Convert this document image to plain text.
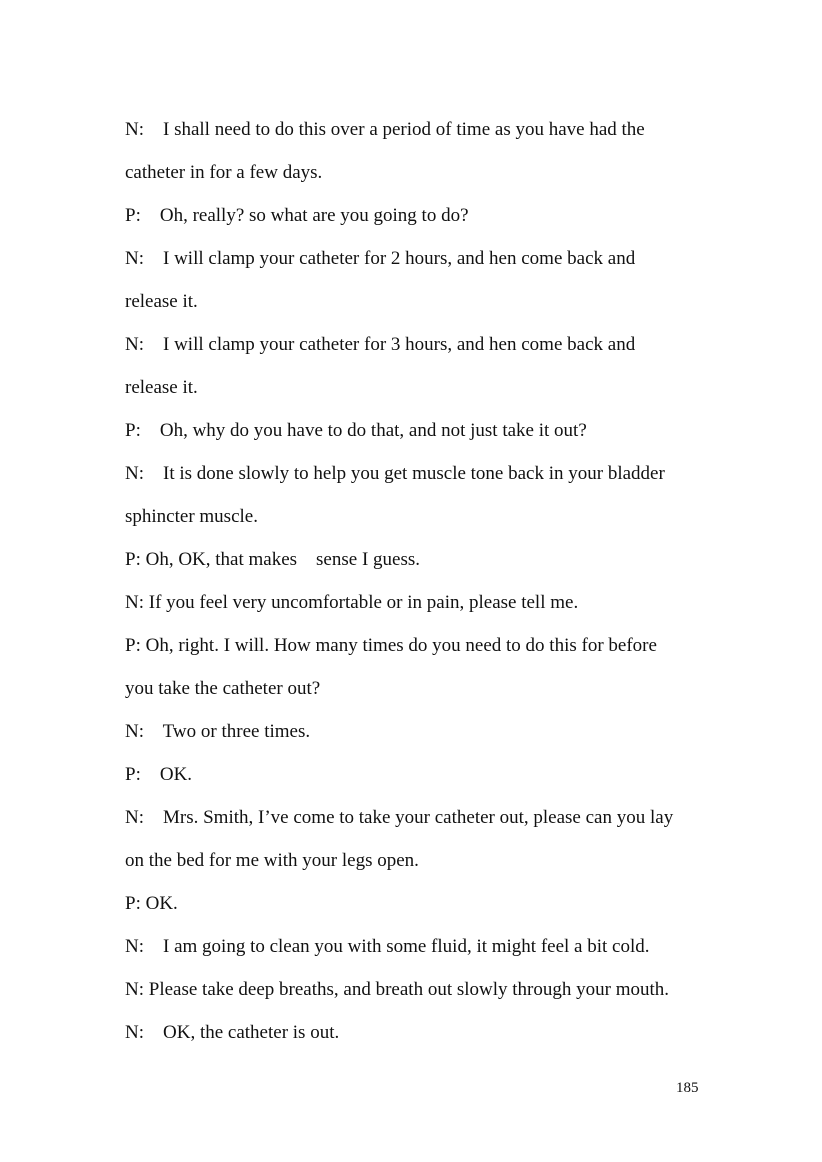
N:    I shall need to do this over a period of time as you have had the

catheter in for a few days.

P:    Oh, really? so what are you going to do?

N:    I will clamp your catheter for 2 hours, and hen come back and

release it.

N:    I will clamp your catheter for 3 hours, and hen come back and

release it.

P:    Oh, why do you have to do that, and not just take it out?

N:    It is done slowly to help you get muscle tone back in your bladder

sphincter muscle.

P: Oh, OK, that makes    sense I guess.

N: If you feel very uncomfortable or in pain, please tell me.

P: Oh, right. I will. How many times do you need to do this for before

you take the catheter out?

N:    Two or three times.

P:    OK.

N:    Mrs. Smith, I’ve come to take your catheter out, please can you lay

on the bed for me with your legs open.

P: OK.

N:    I am going to clean you with some fluid, it might feel a bit cold.

N: Please take deep breaths, and breath out slowly through your mouth.

N:    OK, the catheter is out.

185
